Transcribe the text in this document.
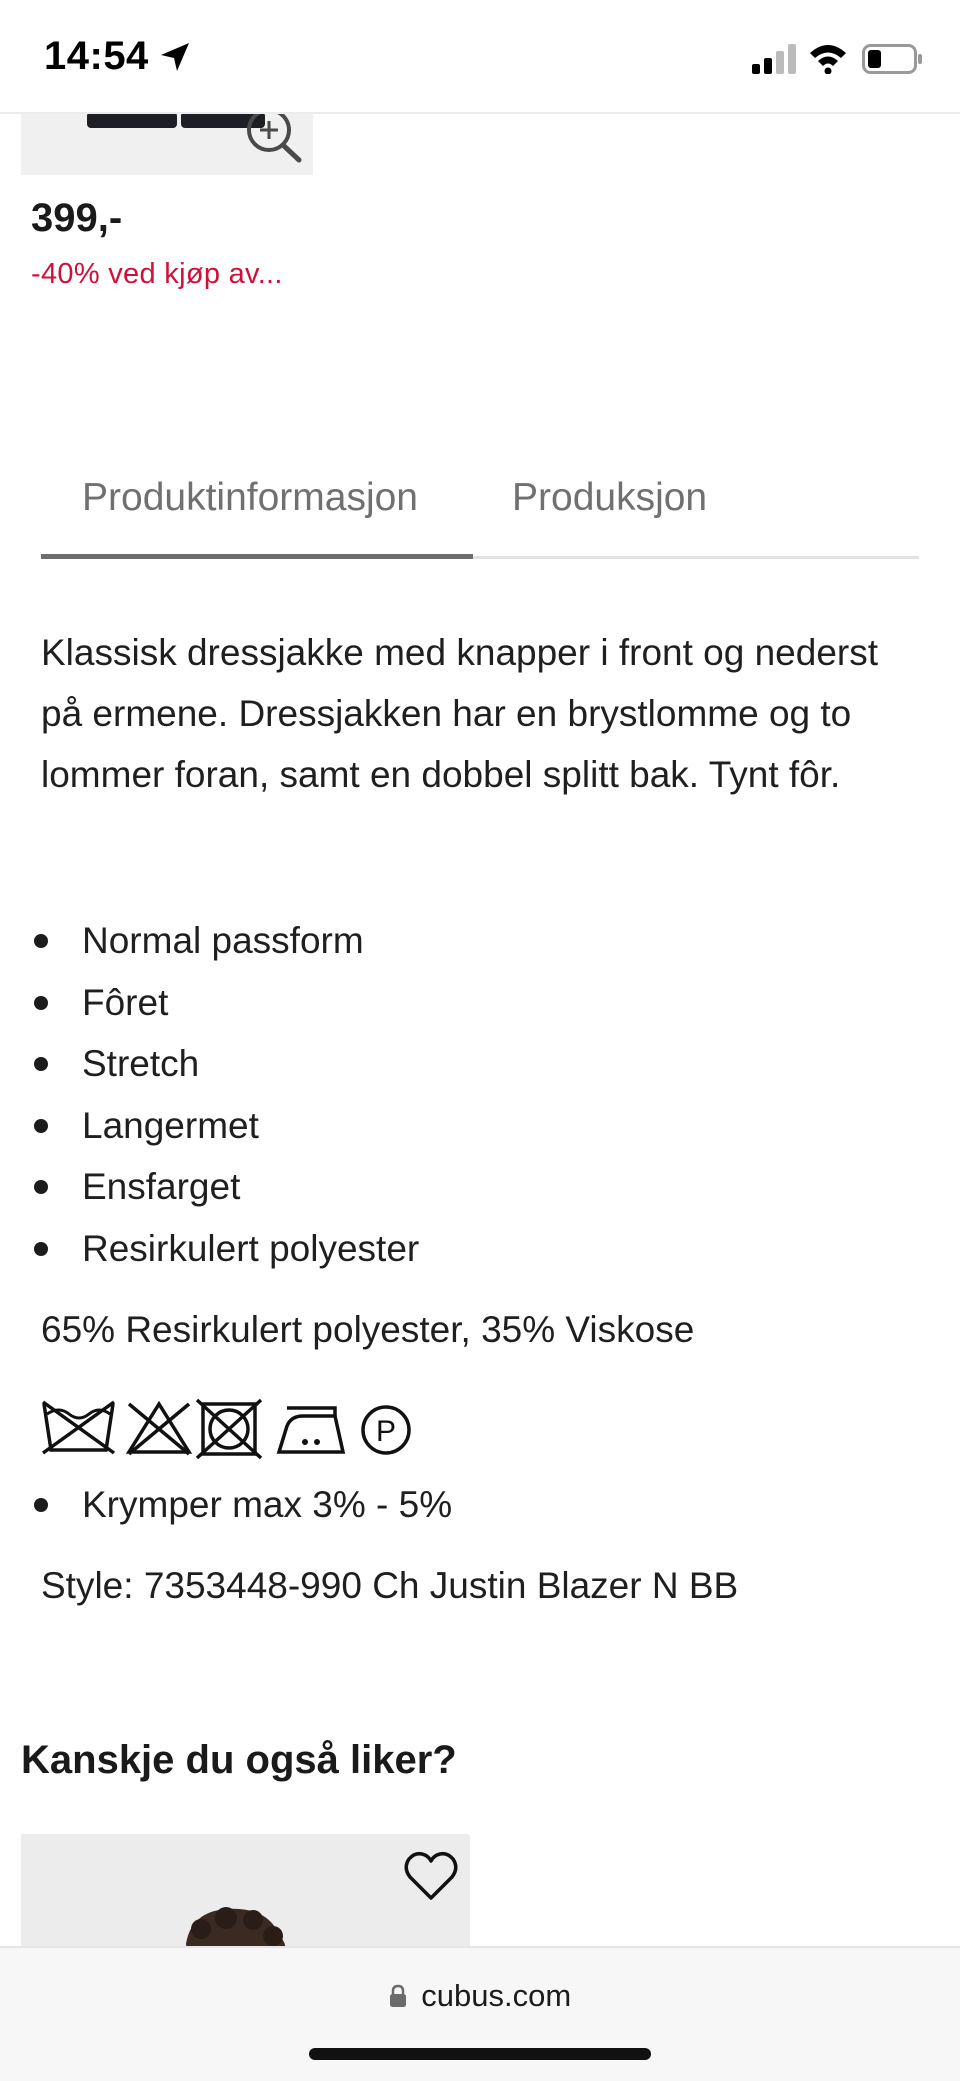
14:54
399,-
-40% ved kjøp av...
Produktinformasjon Produksjon
Klassisk dressjakke med knapper i front og nederst på ermene. Dressjakken har en brystlomme og to lommer foran, samt en dobbel splitt bak. Tynt fôr.
Normal passform
Fôret
Stretch
Langermet
Ensfarget
Resirkulert polyester
65% Resirkulert polyester, 35% Viskose
P
Krymper max 3% - 5%
Style: 7353448-990 Ch Justin Blazer N BB
Kanskje du også liker?
cubus.com
